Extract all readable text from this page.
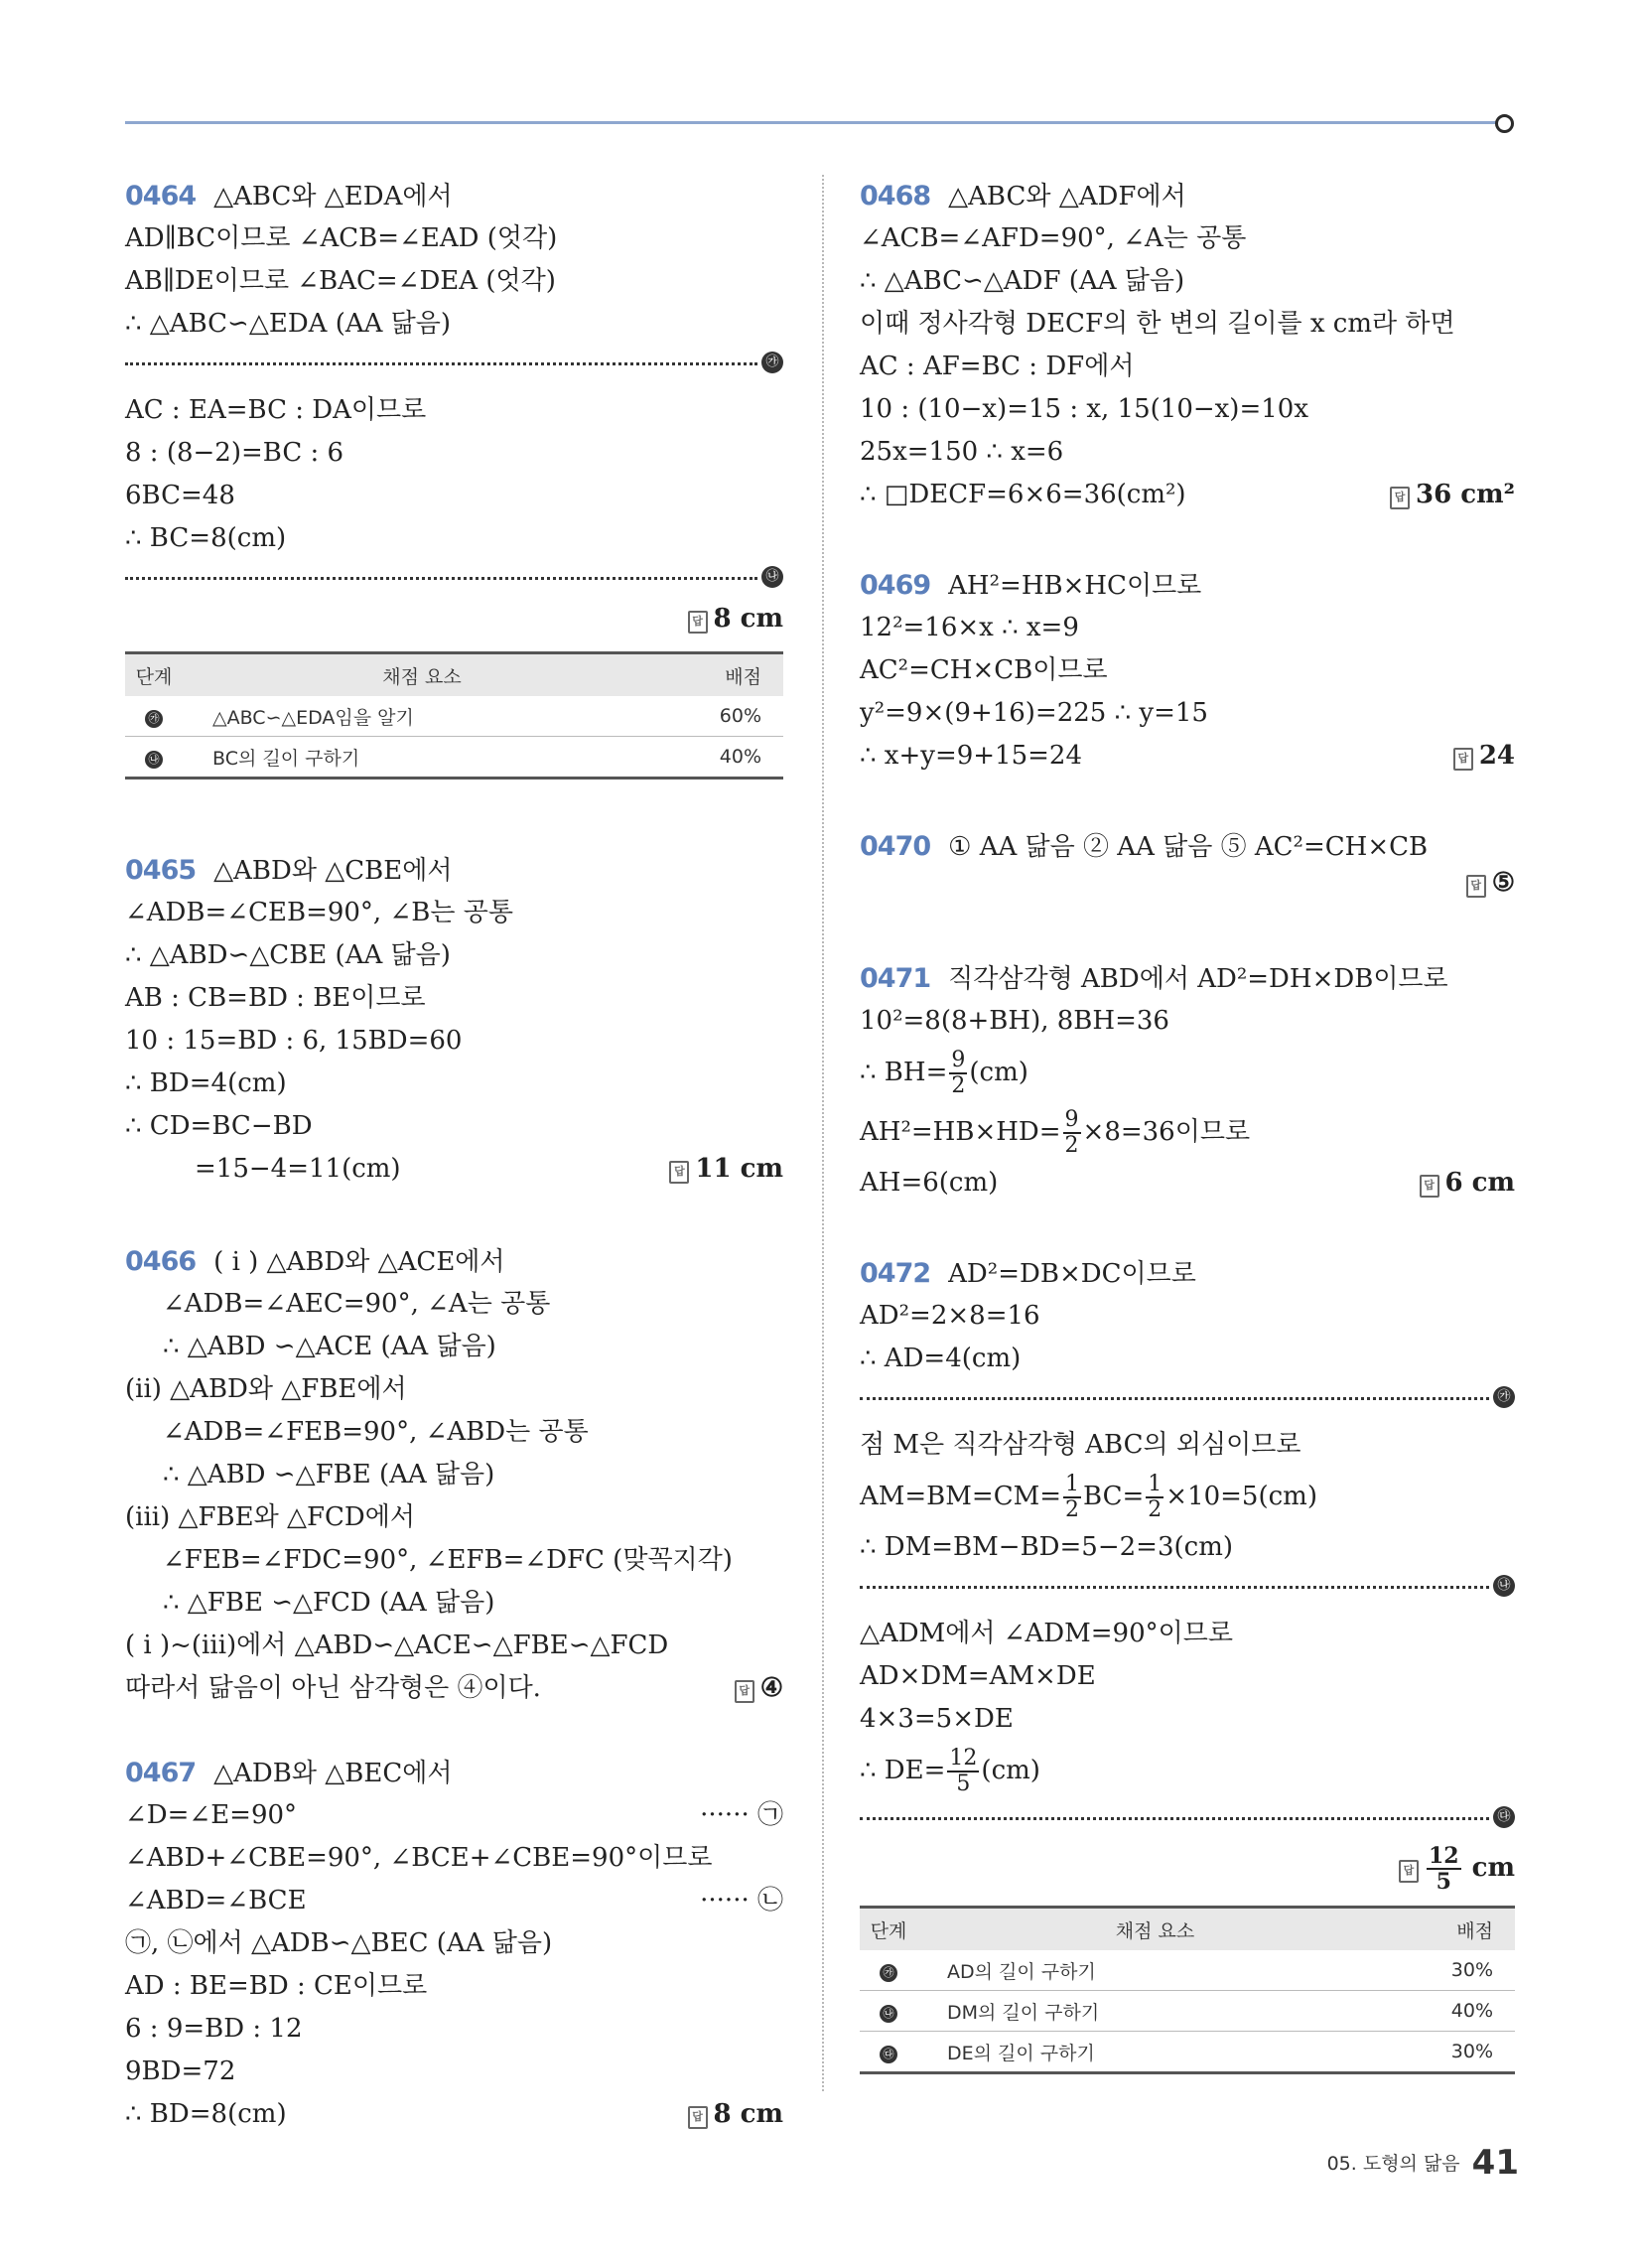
0464 △ABC와 △EDA에서
AD∥BC이므로 ∠ACB=∠EAD (엇각)
AB∥DE이므로 ∠BAC=∠DEA (엇각)
∴ △ABC∽△EDA (AA 닮음)
㉮
AC : EA=BC : DA이므로
8 : (8−2)=BC : 6
6BC=48
∴ BC=8(cm)
㉯
답 8 cm
단계	채점 요소	배점
㉮	△ABC∽△EDA임을 알기	60%
㉯	BC의 길이 구하기	40%
0465 △ABD와 △CBE에서
∠ADB=∠CEB=90°, ∠B는 공통
∴ △ABD∽△CBE (AA 닮음)
AB : CB=BD : BE이므로
10 : 15=BD : 6, 15BD=60
∴ BD=4(cm)
∴ CD=BC−BD
=15−4=11(cm)	답 11 cm
0466 ( i ) △ABD와 △ACE에서
∠ADB=∠AEC=90°, ∠A는 공통
∴ △ABD ∽△ACE (AA 닮음)
(ii) △ABD와 △FBE에서
∠ADB=∠FEB=90°, ∠ABD는 공통
∴ △ABD ∽△FBE (AA 닮음)
(iii) △FBE와 △FCD에서
∠FEB=∠FDC=90°, ∠EFB=∠DFC (맞꼭지각)
∴ △FBE ∽△FCD (AA 닮음)
( i )~(iii)에서 △ABD∽△ACE∽△FBE∽△FCD
따라서 닮음이 아닌 삼각형은 ④이다.	답 ④
0467 △ADB와 △BEC에서
∠D=∠E=90°	······ ㉠
∠ABD+∠CBE=90°, ∠BCE+∠CBE=90°이므로
∠ABD=∠BCE	······ ㉡
㉠, ㉡에서 △ADB∽△BEC (AA 닮음)
AD : BE=BD : CE이므로
6 : 9=BD : 12
9BD=72
∴ BD=8(cm)	답 8 cm
0468 △ABC와 △ADF에서
∠ACB=∠AFD=90°, ∠A는 공통
∴ △ABC∽△ADF (AA 닮음)
이때 정사각형 DECF의 한 변의 길이를 x cm라 하면
AC : AF=BC : DF에서
10 : (10−x)=15 : x, 15(10−x)=10x
25x=150 ∴ x=6
∴ □DECF=6×6=36(cm²)	답 36 cm²
0469 AH²=HB×HC이므로
12²=16×x ∴ x=9
AC²=CH×CB이므로
y²=9×(9+16)=225 ∴ y=15
∴ x+y=9+15=24	답 24
0470 ① AA 닮음 ② AA 닮음 ⑤ AC²=CH×CB
답 ⑤
0471 직각삼각형 ABD에서 AD²=DH×DB이므로
10²=8(8+BH), 8BH=36
∴ $BH= \frac{9}{2} (cm)$
$AH^2=HB\times HD= \frac{9}{2} \times 8=36$이므로
AH=6(cm)	답 6 cm
0472 AD²=DB×DC이므로
AD²=2×8=16
∴ AD=4(cm)
㉮
점 M은 직각삼각형 ABC의 외심이므로
$AM=BM=CM= \frac{1}{2} BC= \frac{1}{2} \times 10=5(cm)$
∴ DM=BM−BD=5−2=3(cm)
㉯
△ADM에서 ∠ADM=90°이므로
AD×DM=AM×DE
4×3=5×DE
∴ $DE= \frac{12}{5} (cm)$
㉰
답 $\frac{12}{5}$ cm
단계	채점 요소	배점
㉮	AD의 길이 구하기	30%
㉯	DM의 길이 구하기	40%
㉰	DE의 길이 구하기	30%
05. 도형의 닮음 41
